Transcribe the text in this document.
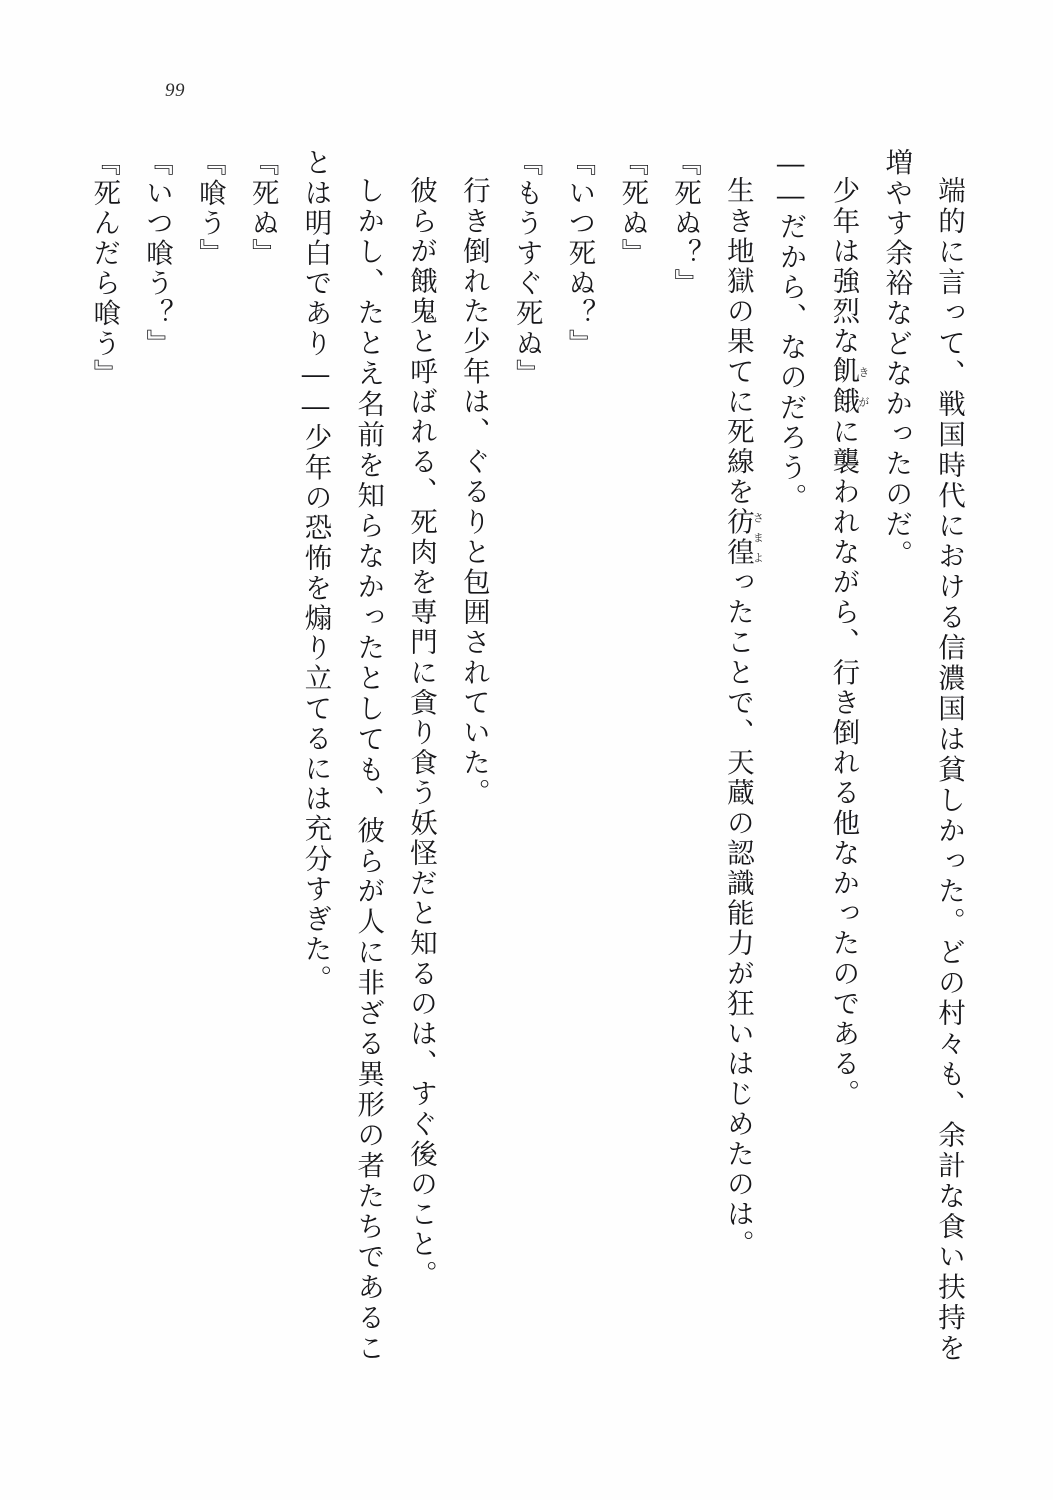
99

端的に言って、戦国時代における信濃国は貧しかった。どの村々も、余計な食い扶持を増やす余裕などなかったのだ。

少年は強烈な飢き餓がに襲われながら、行き倒れる他なかったのである。

――だから、なのだろう。

生き地獄の果てに死線を彷徨さまよったことで、天蔵の認識能力が狂いはじめたのは。

『死ぬ？』

『死ぬ』

『いつ死ぬ？』

『もうすぐ死ぬ』

行き倒れた少年は、ぐるりと包囲されていた。

彼らが餓鬼と呼ばれる、死肉を専門に貪り食う妖怪だと知るのは、すぐ後のこと。

しかし、たとえ名前を知らなかったとしても、彼らが人に非ざる異形の者たちであることは明白であり――少年の恐怖を煽り立てるには充分すぎた。

『死ぬ』

『喰う』

『いつ喰う？』

『死んだら喰う』
